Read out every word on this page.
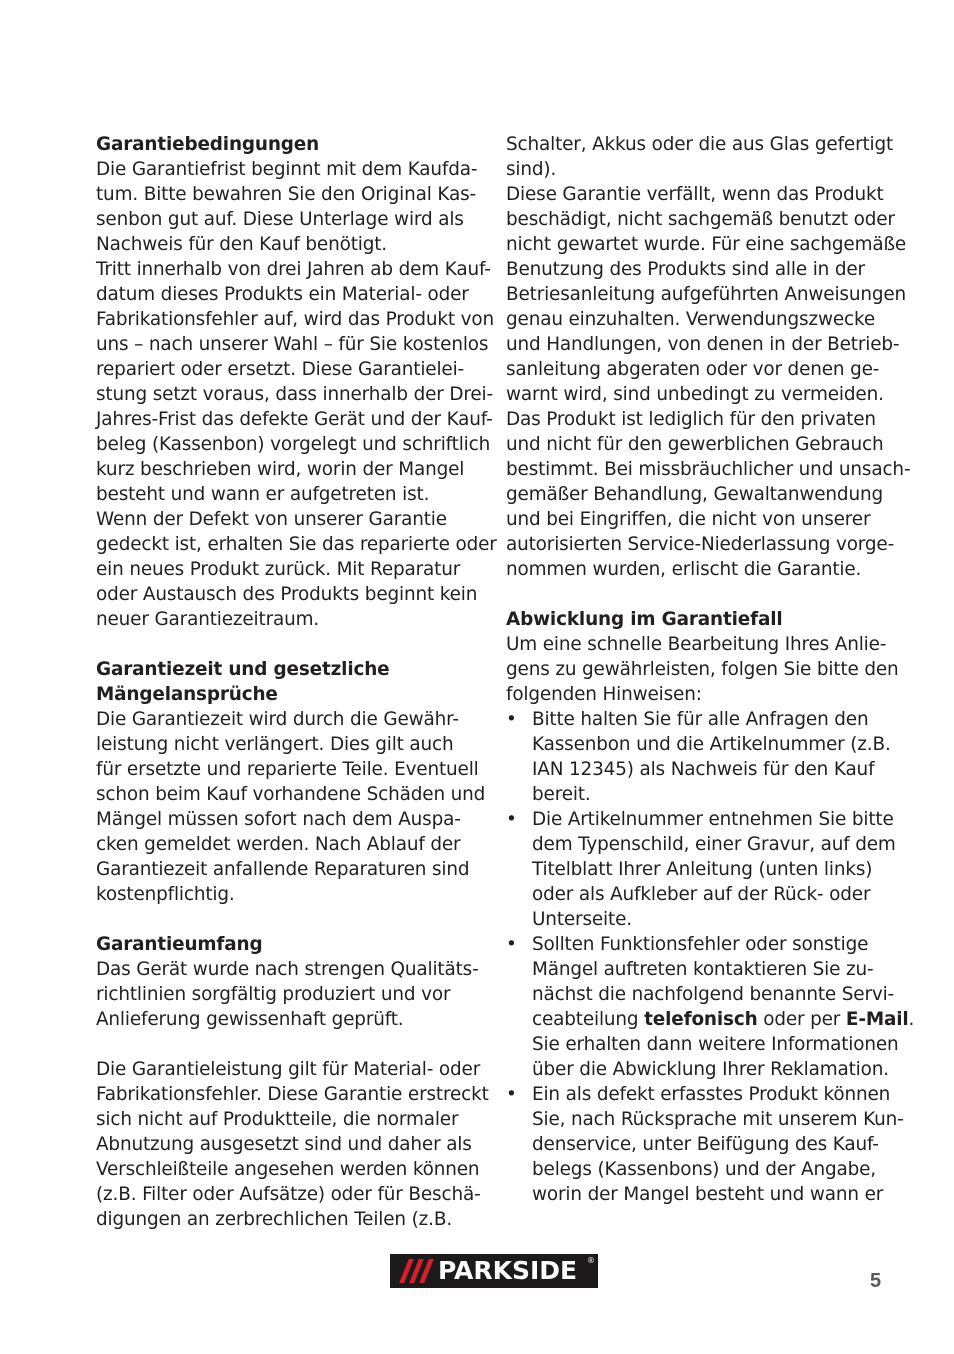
Garantiebedingungen
Die Garantiefrist beginnt mit dem Kaufda-
tum. Bitte bewahren Sie den Original Kas-
senbon gut auf. Diese Unterlage wird als
Nachweis für den Kauf benötigt.
Tritt innerhalb von drei Jahren ab dem Kauf-
datum dieses Produkts ein Material- oder
Fabrikationsfehler auf, wird das Produkt von
uns – nach unserer Wahl – für Sie kostenlos
repariert oder ersetzt. Diese Garantielei-
stung setzt voraus, dass innerhalb der Drei-
Jahres-Frist das defekte Gerät und der Kauf-
beleg (Kassenbon) vorgelegt und schriftlich
kurz beschrieben wird, worin der Mangel
besteht und wann er aufgetreten ist.
Wenn der Defekt von unserer Garantie
gedeckt ist, erhalten Sie das reparierte oder
ein neues Produkt zurück. Mit Reparatur
oder Austausch des Produkts beginnt kein
neuer Garantiezeitraum.
Garantiezeit und gesetzliche
Mängelansprüche
Die Garantiezeit wird durch die Gewähr-
leistung nicht verlängert. Dies gilt auch
für ersetzte und reparierte Teile. Eventuell
schon beim Kauf vorhandene Schäden und
Mängel müssen sofort nach dem Auspa-
cken gemeldet werden. Nach Ablauf der
Garantiezeit anfallende Reparaturen sind
kostenpflichtig.
Garantieumfang
Das Gerät wurde nach strengen Qualitäts-
richtlinien sorgfältig produziert und vor
Anlieferung gewissenhaft geprüft.
Die Garantieleistung gilt für Material- oder
Fabrikationsfehler. Diese Garantie erstreckt
sich nicht auf Produktteile, die normaler
Abnutzung ausgesetzt sind und daher als
Verschleißteile angesehen werden können
(z.B. Filter oder Aufsätze) oder für Beschä-
digungen an zerbrechlichen Teilen (z.B.
Schalter, Akkus oder die aus Glas gefertigt
sind).
Diese Garantie verfällt, wenn das Produkt
beschädigt, nicht sachgemäß benutzt oder
nicht gewartet wurde. Für eine sachgemäße
Benutzung des Produkts sind alle in der
Betriesanleitung aufgeführten Anweisungen
genau einzuhalten. Verwendungszwecke
und Handlungen, von denen in der Betrieb-
sanleitung abgeraten oder vor denen ge-
warnt wird, sind unbedingt zu vermeiden.
Das Produkt ist lediglich für den privaten
und nicht für den gewerblichen Gebrauch
bestimmt. Bei missbräuchlicher und unsach-
gemäßer Behandlung, Gewaltanwendung
und bei Eingriffen, die nicht von unserer
autorisierten Service-Niederlassung vorge-
nommen wurden, erlischt die Garantie.
Abwicklung im Garantiefall
Um eine schnelle Bearbeitung Ihres Anlie-
gens zu gewährleisten, folgen Sie bitte den
folgenden Hinweisen:
• Bitte halten Sie für alle Anfragen den
Kassenbon und die Artikelnummer (z.B.
IAN 12345) als Nachweis für den Kauf
bereit.
• Die Artikelnummer entnehmen Sie bitte
dem Typenschild, einer Gravur, auf dem
Titelblatt Ihrer Anleitung (unten links)
oder als Aufkleber auf der Rück- oder
Unterseite.
• Sollten Funktionsfehler oder sonstige
Mängel auftreten kontaktieren Sie zu-
nächst die nachfolgend benannte Servi-
ceabteilung telefonisch oder per E-Mail.
Sie erhalten dann weitere Informationen
über die Abwicklung Ihrer Reklamation.
• Ein als defekt erfasstes Produkt können
Sie, nach Rücksprache mit unserem Kun-
denservice, unter Beifügung des Kauf-
belegs (Kassenbons) und der Angabe,
worin der Mangel besteht und wann er
PARKSIDE ®
5
